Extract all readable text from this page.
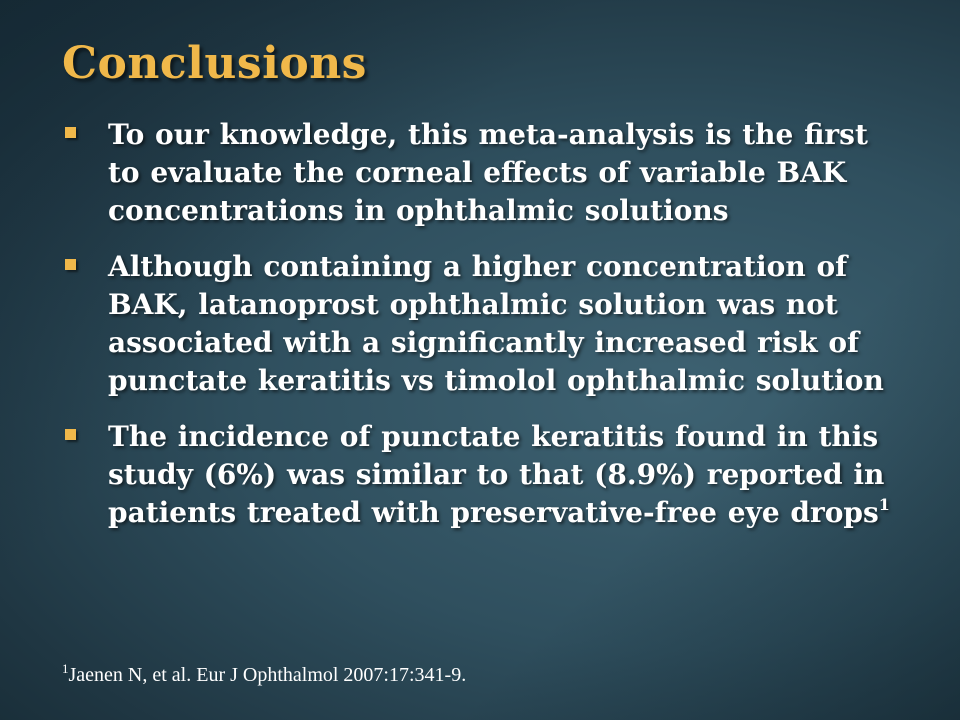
Conclusions
To our knowledge, this meta-analysis is the first to evaluate the corneal effects of variable BAK concentrations in ophthalmic solutions
Although containing a higher concentration of BAK, latanoprost ophthalmic solution was not associated with a significantly increased risk of punctate keratitis vs timolol ophthalmic solution
The incidence of punctate keratitis found in this study (6%) was similar to that (8.9%) reported in patients treated with preservative-free eye drops$^1$
$^1$Jaenen N, et al. Eur J Ophthalmol 2007:17:341-9.
